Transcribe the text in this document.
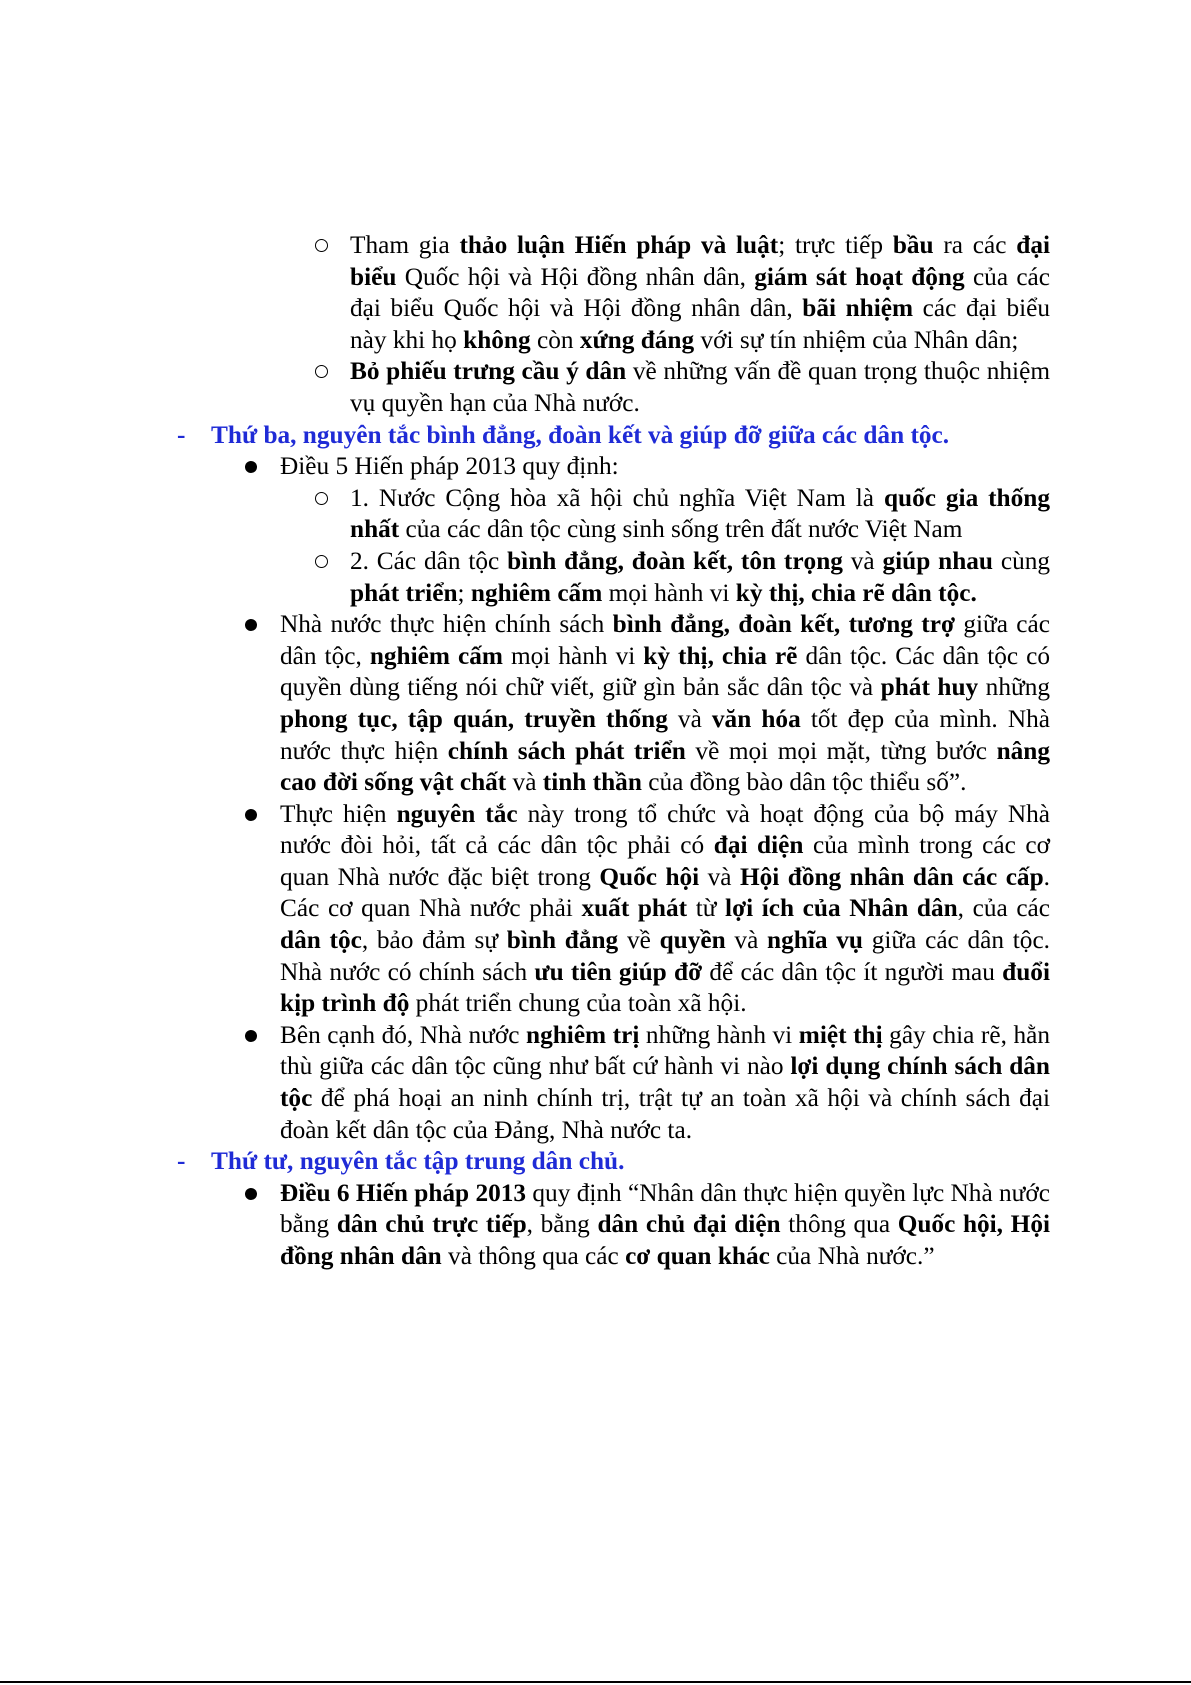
Tham gia thảo luận Hiến pháp và luật; trực tiếp bầu ra các đại biểu Quốc hội và Hội đồng nhân dân, giám sát hoạt động của các đại biểu Quốc hội và Hội đồng nhân dân, bãi nhiệm các đại biểu này khi họ không còn xứng đáng với sự tín nhiệm của Nhân dân;

Bỏ phiếu trưng cầu ý dân về những vấn đề quan trọng thuộc nhiệm vụ quyền hạn của Nhà nước.

- Thứ ba, nguyên tắc bình đẳng, đoàn kết và giúp đỡ giữa các dân tộc.

Điều 5 Hiến pháp 2013 quy định:

1. Nước Cộng hòa xã hội chủ nghĩa Việt Nam là quốc gia thống nhất của các dân tộc cùng sinh sống trên đất nước Việt Nam

2. Các dân tộc bình đẳng, đoàn kết, tôn trọng và giúp nhau cùng phát triển; nghiêm cấm mọi hành vi kỳ thị, chia rẽ dân tộc.

Nhà nước thực hiện chính sách bình đẳng, đoàn kết, tương trợ giữa các dân tộc, nghiêm cấm mọi hành vi kỳ thị, chia rẽ dân tộc. Các dân tộc có quyền dùng tiếng nói chữ viết, giữ gìn bản sắc dân tộc và phát huy những phong tục, tập quán, truyền thống và văn hóa tốt đẹp của mình. Nhà nước thực hiện chính sách phát triển về mọi mọi mặt, từng bước nâng cao đời sống vật chất và tinh thần của đồng bào dân tộc thiểu số”.

Thực hiện nguyên tắc này trong tổ chức và hoạt động của bộ máy Nhà nước đòi hỏi, tất cả các dân tộc phải có đại diện của mình trong các cơ quan Nhà nước đặc biệt trong Quốc hội và Hội đồng nhân dân các cấp. Các cơ quan Nhà nước phải xuất phát từ lợi ích của Nhân dân, của các dân tộc, bảo đảm sự bình đẳng về quyền và nghĩa vụ giữa các dân tộc. Nhà nước có chính sách ưu tiên giúp đỡ để các dân tộc ít người mau đuổi kịp trình độ phát triển chung của toàn xã hội.

Bên cạnh đó, Nhà nước nghiêm trị những hành vi miệt thị gây chia rẽ, hằn thù giữa các dân tộc cũng như bất cứ hành vi nào lợi dụng chính sách dân tộc để phá hoại an ninh chính trị, trật tự an toàn xã hội và chính sách đại đoàn kết dân tộc của Đảng, Nhà nước ta.

- Thứ tư, nguyên tắc tập trung dân chủ.

Điều 6 Hiến pháp 2013 quy định “Nhân dân thực hiện quyền lực Nhà nước bằng dân chủ trực tiếp, bằng dân chủ đại diện thông qua Quốc hội, Hội đồng nhân dân và thông qua các cơ quan khác của Nhà nước.”
